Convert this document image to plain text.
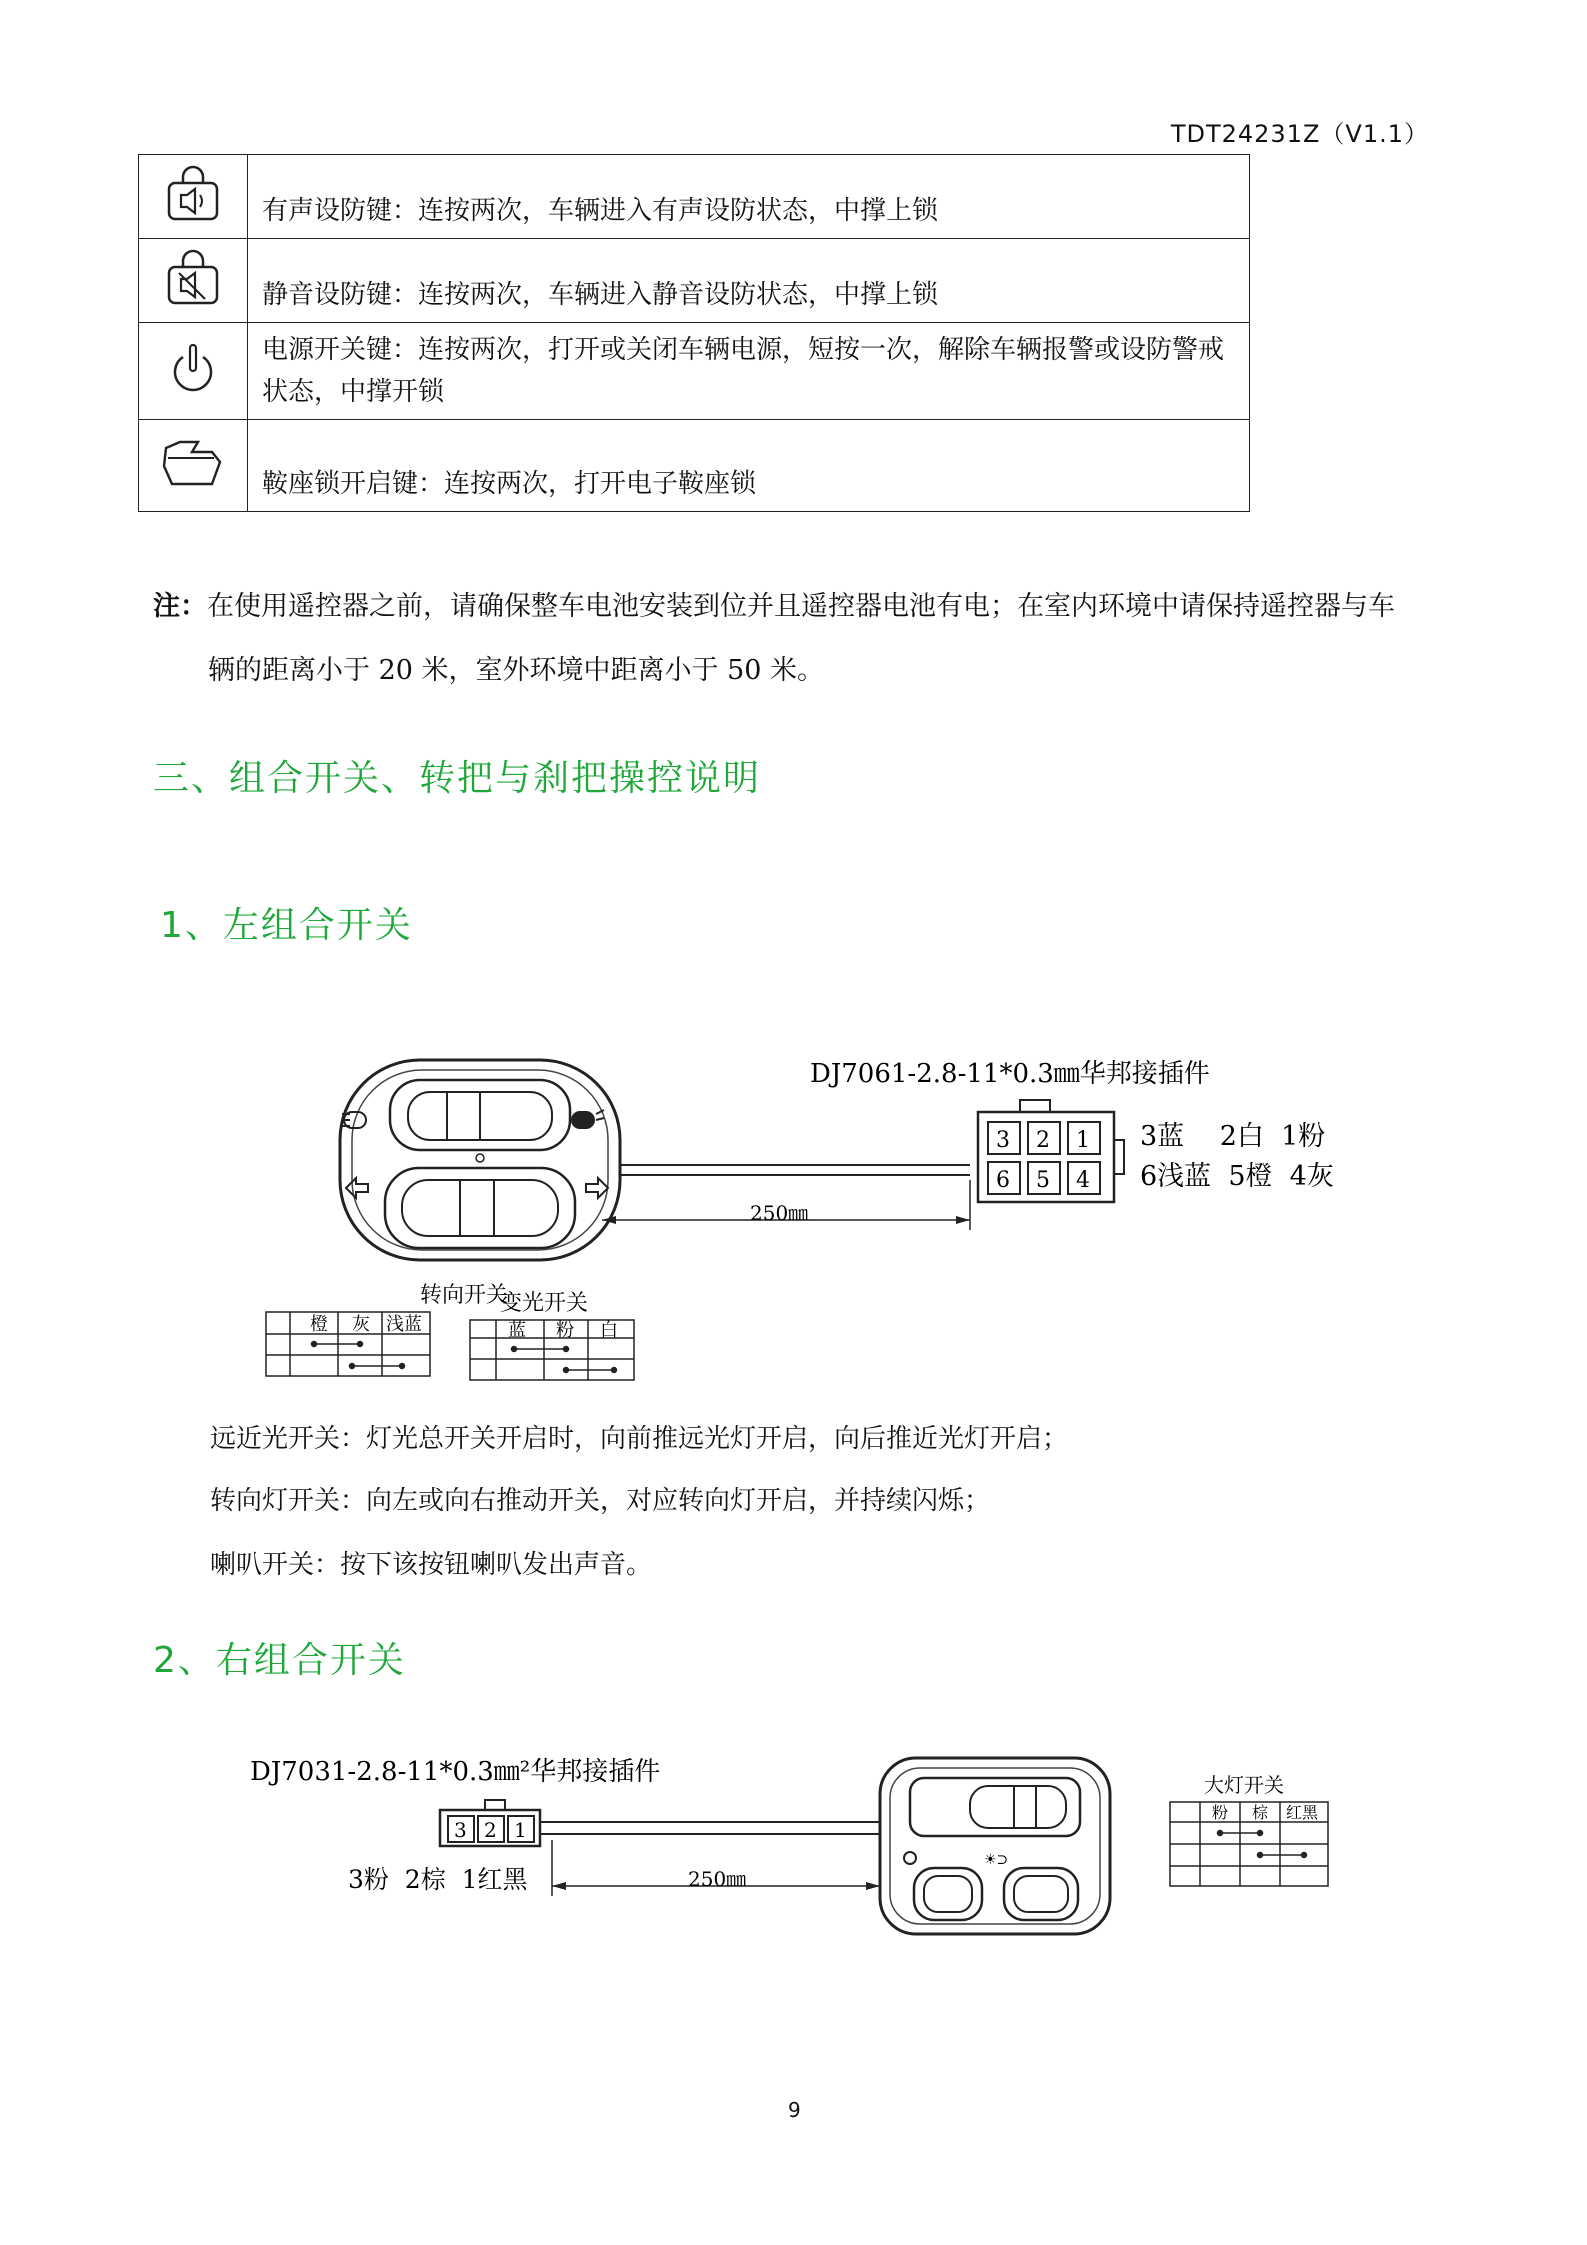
TDT24231Z（V1.1）

有声设防键：连按两次，车辆进入有声设防状态，中撑上锁

静音设防键：连按两次，车辆进入静音设防状态，中撑上锁

电源开关键：连按两次，打开或关闭车辆电源，短按一次，解除车辆报警或设防警戒状态，中撑开锁

鞍座锁开启键：连按两次，打开电子鞍座锁
注：在使用遥控器之前，请确保整车电池安装到位并且遥控器电池有电；在室内环境中请保持遥控器与车
辆的距离小于 20 米，室外环境中距离小于 50 米。
三、组合开关、转把与刹把操控说明
1、左组合开关
250㎜
DJ7061-2.8-11*0.3㎜华邦接插件
3 2 1
6 5 4
3蓝　 2白  1粉
6浅蓝  5橙  4灰
转向开关
橙 灰 浅蓝
变光开关
蓝 粉 白
远近光开关：灯光总开关开启时，向前推远光灯开启，向后推近光灯开启；
转向灯开关：向左或向右推动开关，对应转向灯开启，并持续闪烁；
喇叭开关：按下该按钮喇叭发出声音。
2、右组合开关
DJ7031-2.8-11*0.3㎜²华邦接插件
3 2 1
3粉  2棕  1红黑	250㎜
☀⊃
大灯开关
粉 棕 红黑
9
